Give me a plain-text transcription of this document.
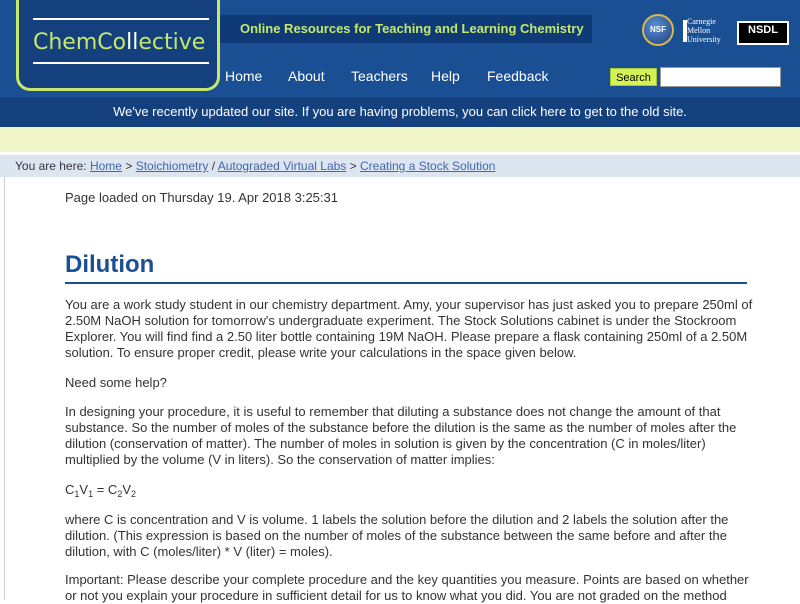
ChemCollective
Online Resources for Teaching and Learning Chemistry	NSF
Carnegie Mellon University
NSDL
Home About Teachers Help Feedback	Search
We've recently updated our site. If you are having problems, you can click here to get to the old site.
You are here: Home > Stoichiometry / Autograded Virtual Labs > Creating a Stock Solution
Page loaded on Thursday 19. Apr 2018 3:25:31
Dilution
You are a work study student in our chemistry department. Amy, your supervisor has just asked you to prepare 250ml of 2.50M NaOH solution for tomorrow's undergraduate experiment. The Stock Solutions cabinet is under the Stockroom Explorer. You will find find a 2.50 liter bottle containing 19M NaOH. Please prepare a flask containing 250ml of a 2.50M solution. To ensure proper credit, please write your calculations in the space given below.
Need some help?
In designing your procedure, it is useful to remember that diluting a substance does not change the amount of that substance. So the number of moles of the substance before the dilution is the same as the number of moles after the dilution (conservation of matter). The number of moles in solution is given by the concentration (C in moles/liter) multiplied by the volume (V in liters). So the conservation of matter implies:
$C_1V_1 = C_2V_2$
where C is concentration and V is volume. 1 labels the solution before the dilution and 2 labels the solution after the dilution. (This expression is based on the number of moles of the substance between the same before and after the dilution, with C (moles/liter) * V (liter) = moles).
Important: Please describe your complete procedure and the key quantities you measure. Points are based on whether or not you explain your procedure in sufficient detail for us to know what you did. You are not graded on the method
